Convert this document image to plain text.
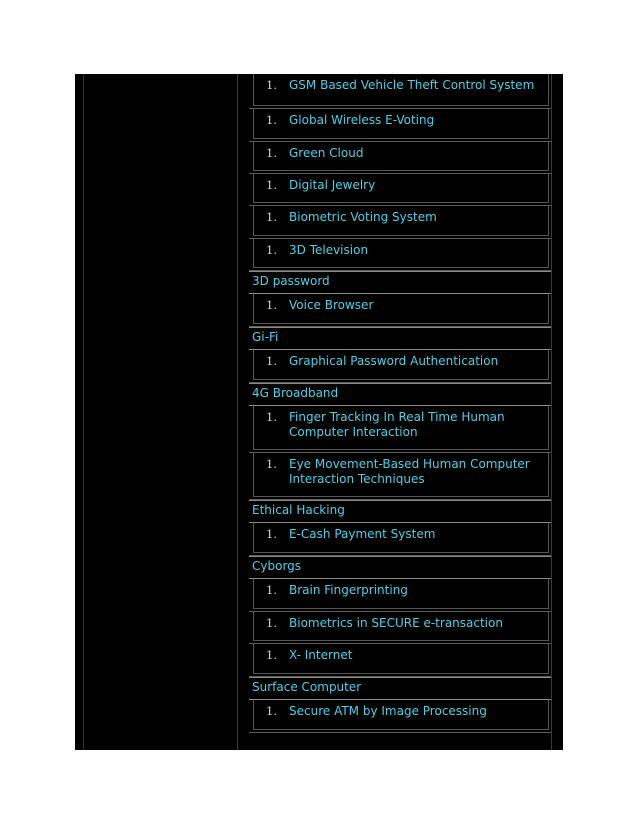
1. GSM Based Vehicle Theft Control System
1. Global Wireless E-Voting
1. Green Cloud
1. Digital Jewelry
1. Biometric Voting System
1. 3D Television
3D password
1. Voice Browser
Gi-Fi
1. Graphical Password Authentication
4G Broadband
1. Finger Tracking In Real Time Human Computer Interaction
1. Eye Movement-Based Human Computer Interaction Techniques
Ethical Hacking
1. E-Cash Payment System
Cyborgs
1. Brain Fingerprinting
1. Biometrics in SECURE e-transaction
1. X- Internet
Surface Computer
1. Secure ATM by Image Processing
